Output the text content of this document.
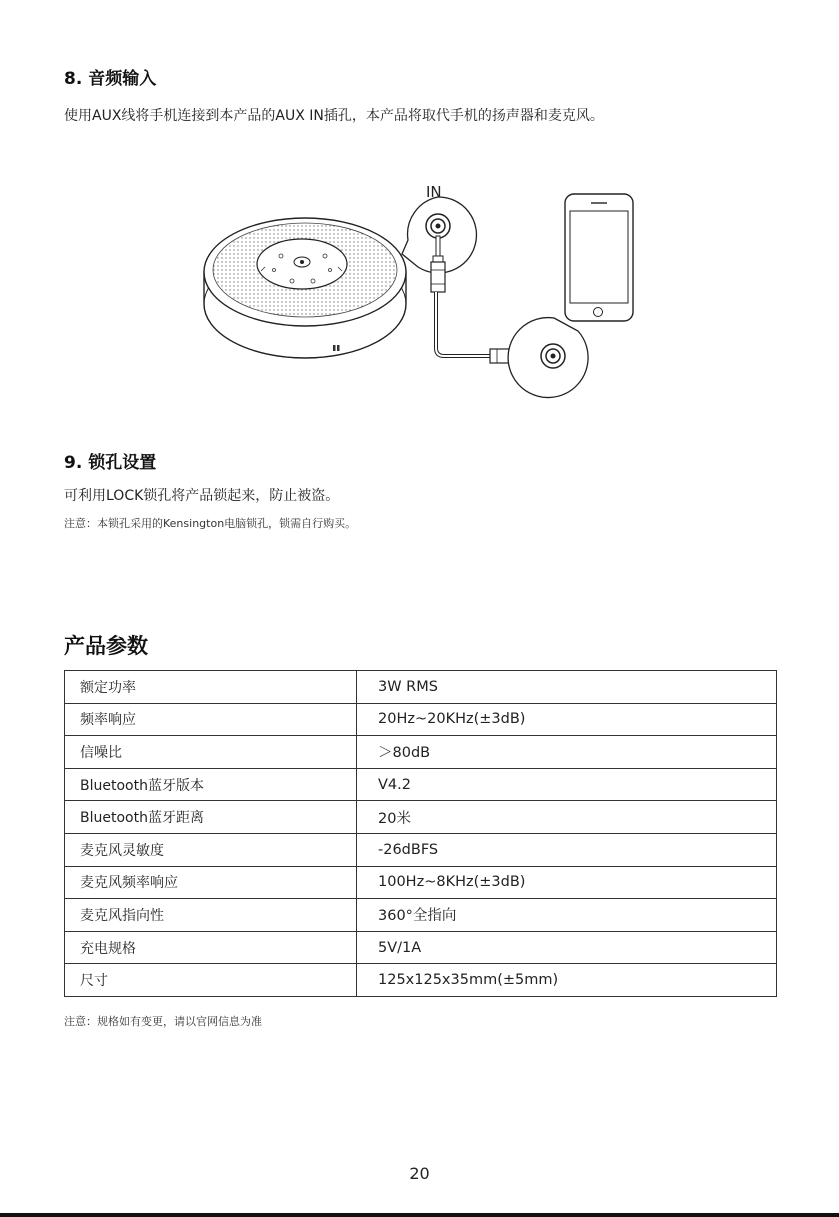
8. 音频输入
使用AUX线将手机连接到本产品的AUX IN插孔，本产品将取代手机的扬声器和麦克风。
IN
9. 锁孔设置
可利用LOCK锁孔将产品锁起来，防止被盗。
注意：本锁孔采用的Kensington电脑锁孔，锁需自行购买。
产品参数
额定功率	3W RMS
频率响应	20Hz~20KHz(±3dB)
信噪比	＞80dB
Bluetooth蓝牙版本	V4.2
Bluetooth蓝牙距离	20米
麦克风灵敏度	-26dBFS
麦克风频率响应	100Hz~8KHz(±3dB)
麦克风指向性	360°全指向
充电规格	5V/1A
尺寸	125x125x35mm(±5mm)
注意：规格如有变更，请以官网信息为准
20
